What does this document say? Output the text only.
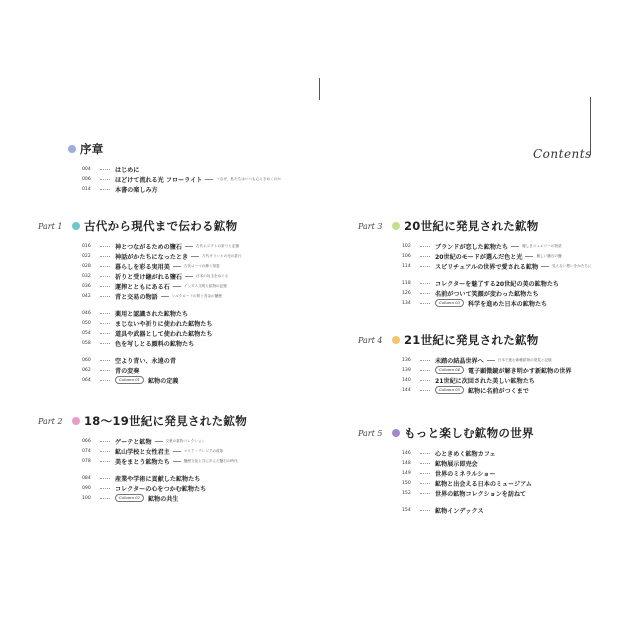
Contents
序章
004	はじめに
006	ほどけて流れる光 フローライト	〜なぜ、私たちはいつも心ときめくのか
014	本書の楽しみ方
Part 1	古代から現代まで伝わる鉱物
016	神とつながるための鹽石	古代エジプトの祈りと記憶
022	神話がかたちになったとき	古代ギリシャの光の鉱片
028	暮らしを彩る実用美	古代ローマの飾と知恵
032	祈りと受け継がれる鹽石	日本の勾玉をめぐる
036	運搾とともにある石	インダス文明と鉱物の記憶
042	青と交易の物語	シルクロードの旅と青金の鹽歷
046	薬用と認識された鉱物たち
050	まじないや祈りに使われた鉱物たち
054	道具や武器として使われた鉱物たち
058	色を写しとる顔料の鉱物たち
060	空より青い、永遠の青
062	青の変奏
064	Column 01	鉱物の定義
Part 2	18〜19世紀に発見された鉱物
066	ゲーテと鉱物	文豪の鉱物コレクション
074	鉱山学校と女性君主	マリア・テレジアの改革
078	美をまとう鉱物たち	鹽歷文化と共に歩んだ鹽石の時代
084	産業や学術に貢献した鉱物たち
090	コレクターの心をつかむ鉱物たち
100	Column 02	鉱物の共生
Part 3	20世紀に発見された鉱物
102	ブランドが恋した鉱物たち	麗しきジュエリーの物語
106	20世紀のモードが選んだ色と光	麗しい鹽石の鹽
114	スピリチュアルの世界で愛される鉱物	見えない想いをかたちに
118	コレクターを魅了する20世紀の美の鉱物たち
126	名前がついて笑顔が変わった鉱物たち
134	Column 03	科学を進めた日本の鉱物たち
Part 4	21世紀に発見された鉱物
136	未踏の結晶世界へ	日本で進む新種鉱物の発見と記録
139	Column 04	電子顕微鏡が解き明かす新鉱物の世界
140	21世紀に次回された美しい鉱物たち
144	Column 05	鉱物に名前がつくまで
Part 5	もっと楽しむ鉱物の世界
146	心ときめく鉱物カフェ
148	鉱物展示即売会
149	世界のミネラルショー
150	鉱物と出会える日本のミュージアム
152	世界の鉱物コレクションを訪ねて
154	鉱物インデックス
